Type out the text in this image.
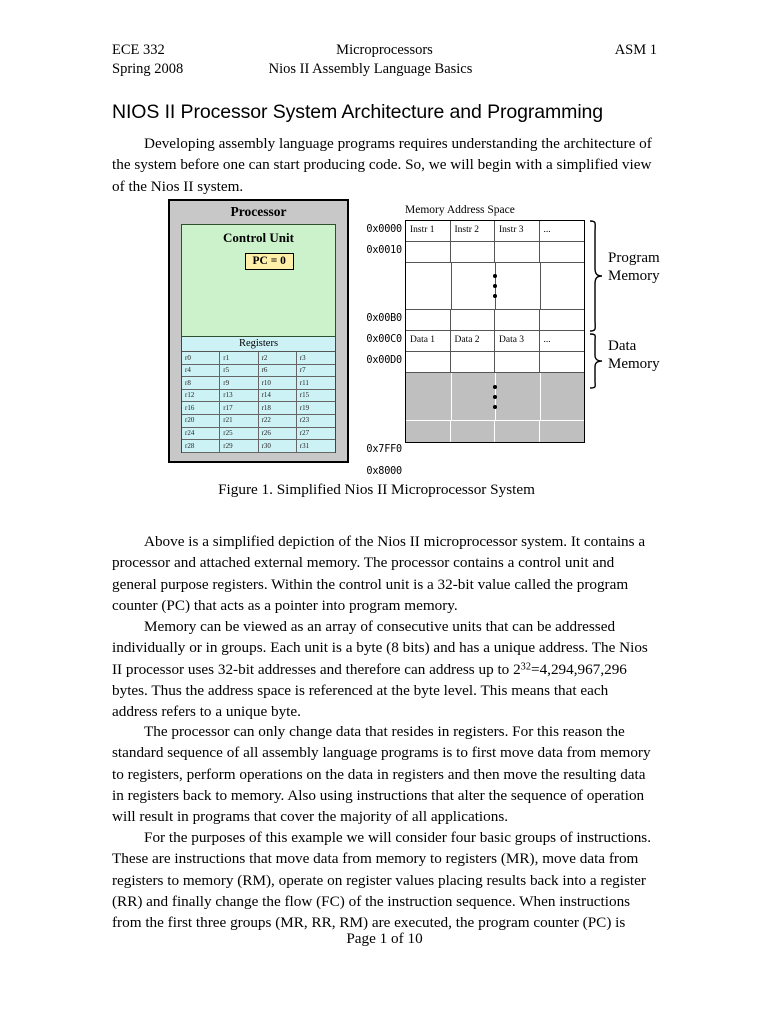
ECE 332	Microprocessors	ASM 1
Spring 2008	Nios II Assembly Language Basics
NIOS II Processor System Architecture and Programming

Developing assembly language programs requires understanding the architecture of the system before one can start producing code. So, we will begin with a simplified view of the Nios II system.

Processor
Control Unit
PC = 0
Registers
r0	r1	r2	r3
r4	r5	r6	r7
r8	r9	r10	r11
r12	r13	r14	r15
r16	r17	r18	r19
r20	r21	r22	r23
r24	r25	r26	r27
r28	r29	r30	r31
Memory Address Space
0x0000
0x0010
0x00B0
0x00C0
0x00D0
0x7FF0
0x8000
Instr 1	Instr 2	Instr 3	...
Data 1	Data 2	Data 3	...
Program
Memory
Data
Memory
Figure 1. Simplified Nios II Microprocessor System

Above is a simplified depiction of the Nios II microprocessor system. It contains a processor and attached external memory. The processor contains a control unit and general purpose registers. Within the control unit is a 32-bit value called the program counter (PC) that acts as a pointer into program memory.

Memory can be viewed as an array of consecutive units that can be addressed individually or in groups. Each unit is a byte (8 bits) and has a unique address. The Nios II processor uses 32-bit addresses and therefore can address up to $2^{32}=4,294,967,296$ bytes. Thus the address space is referenced at the byte level. This means that each address refers to a unique byte.

The processor can only change data that resides in registers. For this reason the standard sequence of all assembly language programs is to first move data from memory to registers, perform operations on the data in registers and then move the resulting data in registers back to memory. Also using instructions that alter the sequence of operation will result in programs that cover the majority of all applications.

For the purposes of this example we will consider four basic groups of instructions. These are instructions that move data from memory to registers (MR), move data from registers to memory (RM), operate on register values placing results back into a register (RR) and finally change the flow (FC) of the instruction sequence. When instructions from the first three groups (MR, RR, RM) are executed, the program counter (PC) is

Page 1 of 10
